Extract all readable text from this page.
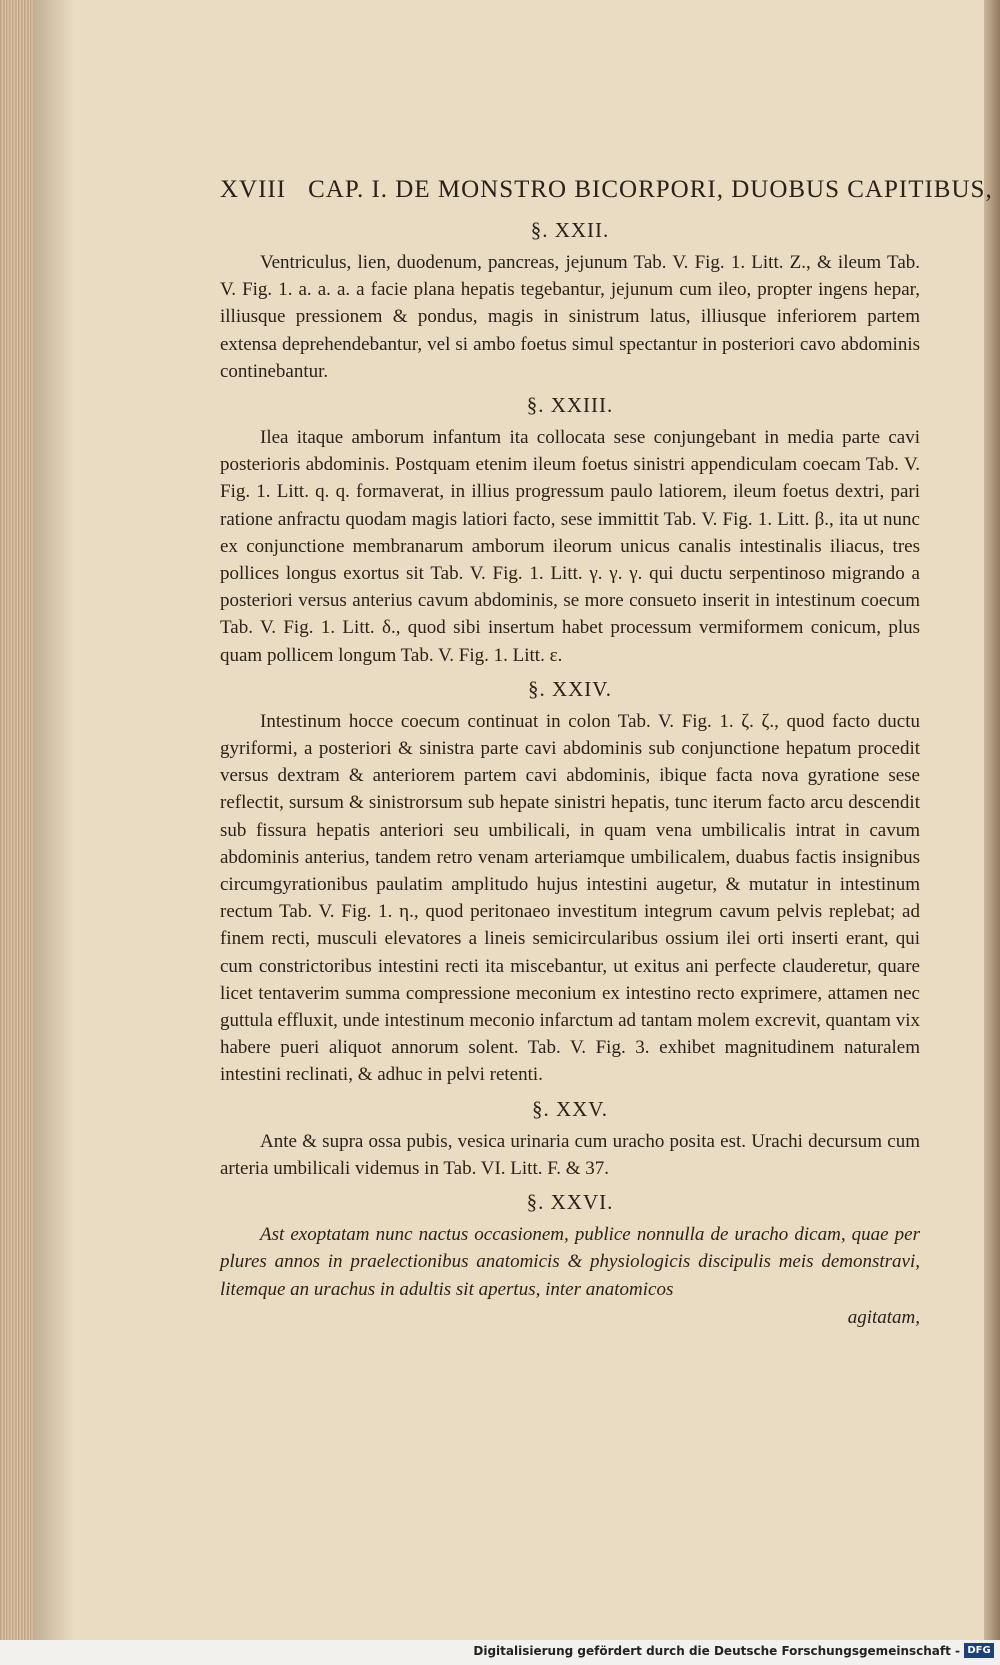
XVIII CAP. I. DE MONSTRO BICORPORI, DUOBUS CAPITIBUS,
§. XXII.

Ventriculus, lien, duodenum, pancreas, jejunum Tab. V. Fig. 1. Litt. Z., & ileum Tab. V. Fig. 1. a. a. a. a facie plana hepatis tegebantur, jejunum cum ileo, propter ingens hepar, illiusque pressionem & pondus, magis in sinistrum latus, illiusque inferiorem partem extensa deprehendebantur, vel si ambo foetus simul spectantur in posteriori cavo abdominis continebantur.

§. XXIII.

Ilea itaque amborum infantum ita collocata sese conjungebant in media parte cavi posterioris abdominis. Postquam etenim ileum foetus sinistri appendiculam coecam Tab. V. Fig. 1. Litt. q. q. formaverat, in illius progressum paulo latiorem, ileum foetus dextri, pari ratione anfractu quodam magis latiori facto, sese immittit Tab. V. Fig. 1. Litt. β., ita ut nunc ex conjunctione membranarum amborum ileorum unicus canalis intestinalis iliacus, tres pollices longus exortus sit Tab. V. Fig. 1. Litt. γ. γ. γ. qui ductu serpentinoso migrando a posteriori versus anterius cavum abdominis, se more consueto inserit in intestinum coecum Tab. V. Fig. 1. Litt. δ., quod sibi insertum habet processum vermiformem conicum, plus quam pollicem longum Tab. V. Fig. 1. Litt. ε.

§. XXIV.

Intestinum hocce coecum continuat in colon Tab. V. Fig. 1. ζ. ζ., quod facto ductu gyriformi, a posteriori & sinistra parte cavi abdominis sub conjunctione hepatum procedit versus dextram & anteriorem partem cavi abdominis, ibique facta nova gyratione sese reflectit, sursum & sinistrorsum sub hepate sinistri hepatis, tunc iterum facto arcu descendit sub fissura hepatis anteriori seu umbilicali, in quam vena umbilicalis intrat in cavum abdominis anterius, tandem retro venam arteriamque umbilicalem, duabus factis insignibus circumgyrationibus paulatim amplitudo hujus intestini augetur, & mutatur in intestinum rectum Tab. V. Fig. 1. η., quod peritonaeo investitum integrum cavum pelvis replebat; ad finem recti, musculi elevatores a lineis semicircularibus ossium ilei orti inserti erant, qui cum constrictoribus intestini recti ita miscebantur, ut exitus ani perfecte clauderetur, quare licet tentaverim summa compressione meconium ex intestino recto exprimere, attamen nec guttula effluxit, unde intestinum meconio infarctum ad tantam molem excrevit, quantam vix habere pueri aliquot annorum solent. Tab. V. Fig. 3. exhibet magnitudinem naturalem intestini reclinati, & adhuc in pelvi retenti.

§. XXV.

Ante & supra ossa pubis, vesica urinaria cum uracho posita est. Urachi decursum cum arteria umbilicali videmus in Tab. VI. Litt. F. & 37.

§. XXVI.

Ast exoptatam nunc nactus occasionem, publice nonnulla de uracho dicam, quae per plures annos in praelectionibus anatomicis & physiologicis discipulis meis demonstravi, litemque an urachus in adultis sit apertus, inter anatomicos

agitatam,
Digitalisierung gefördert durch die Deutsche Forschungsgemeinschaft - DFG
